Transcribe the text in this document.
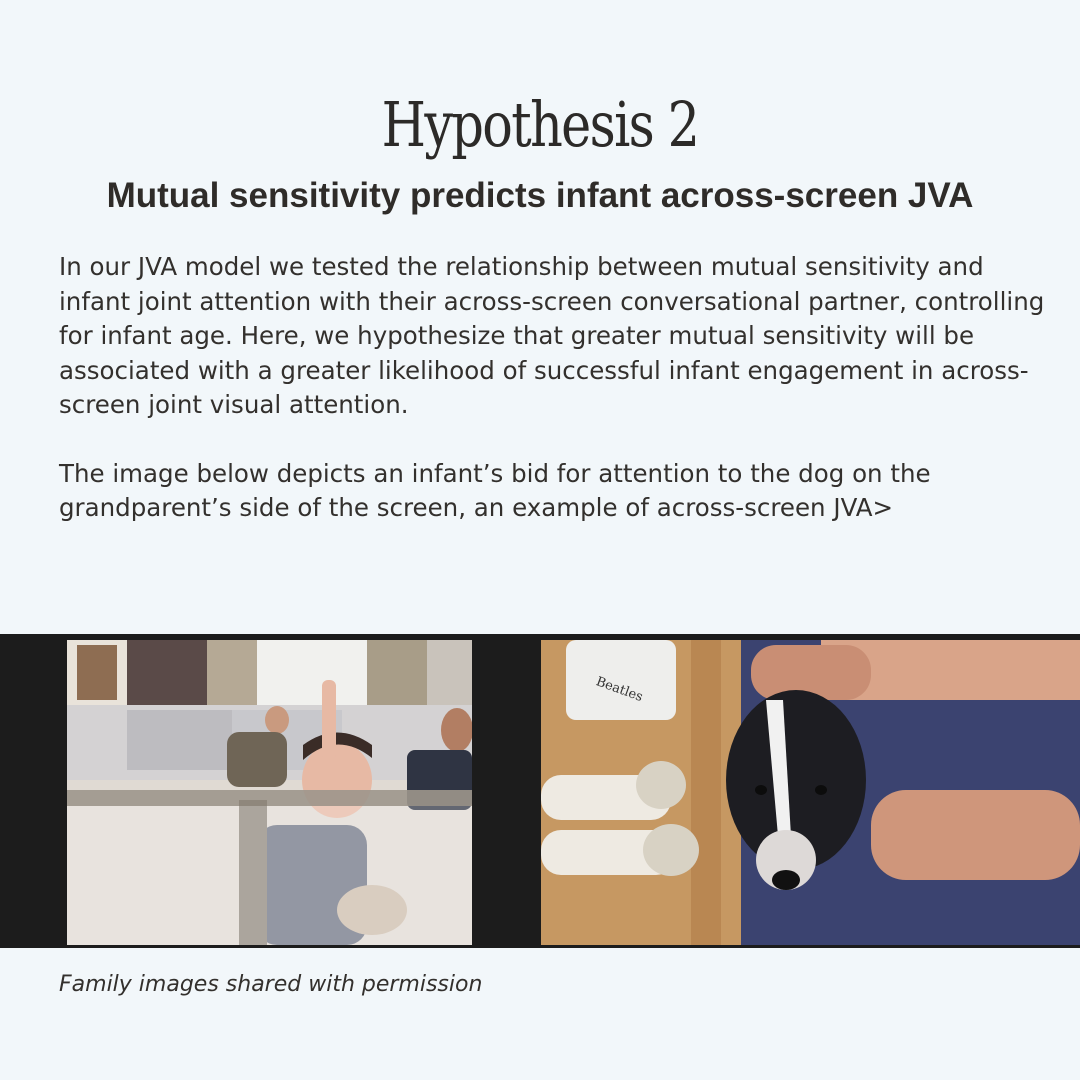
Hypothesis 2
Mutual sensitivity predicts infant across-screen JVA

In our JVA model we tested the relationship between mutual sensitivity and infant joint attention with their across-screen conversational partner, controlling for infant age. Here, we hypothesize that greater mutual sensitivity will be associated with a greater likelihood of successful infant engagement in across-screen joint visual attention.

The image below depicts an infant’s bid for attention to the dog on the grandparent’s side of the screen, an example of across-screen JVA>

Beatles
Family images shared with permission
